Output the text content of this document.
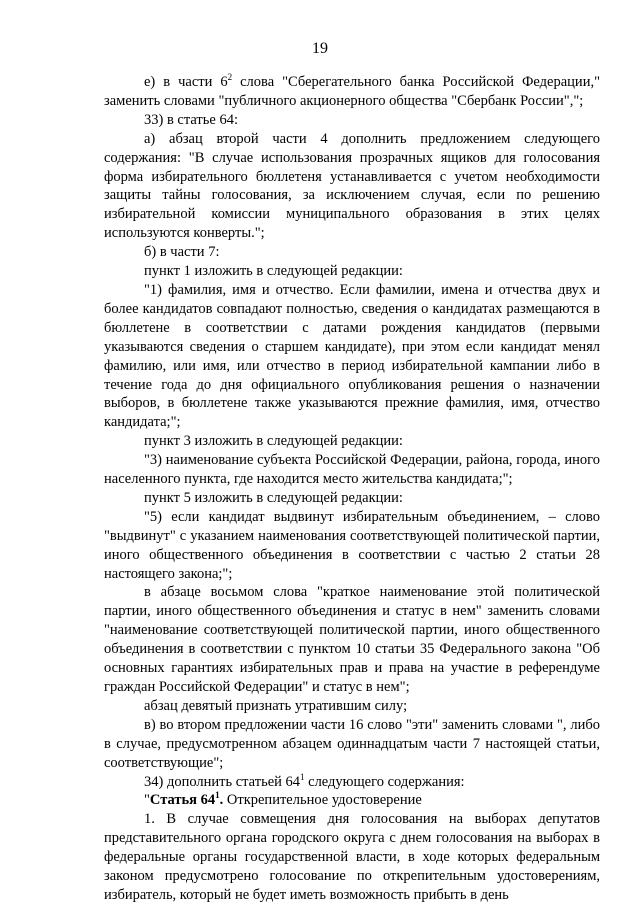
19

е) в части $6^2$ слова "Сберегательного банка Российской Федерации," заменить словами "публичного акционерного общества "Сбербанк России",";

33) в статье 64:

а) абзац второй части 4 дополнить предложением следующего содержания: "В случае использования прозрачных ящиков для голосования форма избирательного бюллетеня устанавливается с учетом необходимости защиты тайны голосования, за исключением случая, если по решению избирательной комиссии муниципального образования в этих целях используются конверты.";

б) в части 7:

пункт 1 изложить в следующей редакции:

"1) фамилия, имя и отчество. Если фамилии, имена и отчества двух и более кандидатов совпадают полностью, сведения о кандидатах размещаются в бюллетене в соответствии с датами рождения кандидатов (первыми указываются сведения о старшем кандидате), при этом если кандидат менял фамилию, или имя, или отчество в период избирательной кампании либо в течение года до дня официального опубликования решения о назначении выборов, в бюллетене также указываются прежние фамилия, имя, отчество кандидата;";

пункт 3 изложить в следующей редакции:

"3) наименование субъекта Российской Федерации, района, города, иного населенного пункта, где находится место жительства кандидата;";

пункт 5 изложить в следующей редакции:

"5) если кандидат выдвинут избирательным объединением, – слово "выдвинут" с указанием наименования соответствующей политической партии, иного общественного объединения в соответствии с частью 2 статьи 28 настоящего закона;";

в абзаце восьмом слова "краткое наименование этой политической партии, иного общественного объединения и статус в нем" заменить словами "наименование соответствующей политической партии, иного общественного объединения в соответствии с пунктом 10 статьи 35 Федерального закона "Об основных гарантиях избирательных прав и права на участие в референдуме граждан Российской Федерации" и статус в нем";

абзац девятый признать утратившим силу;

в) во втором предложении части 16 слово "эти" заменить словами ", либо в случае, предусмотренном абзацем одиннадцатым части 7 настоящей статьи, соответствующие";

34) дополнить статьей $64^1$ следующего содержания:

"Статья $64^1$. Открепительное удостоверение

1. В случае совмещения дня голосования на выборах депутатов представительного органа городского округа с днем голосования на выборах в федеральные органы государственной власти, в ходе которых федеральным законом предусмотрено голосование по открепительным удостоверениям, избиратель, который не будет иметь возможность прибыть в день
